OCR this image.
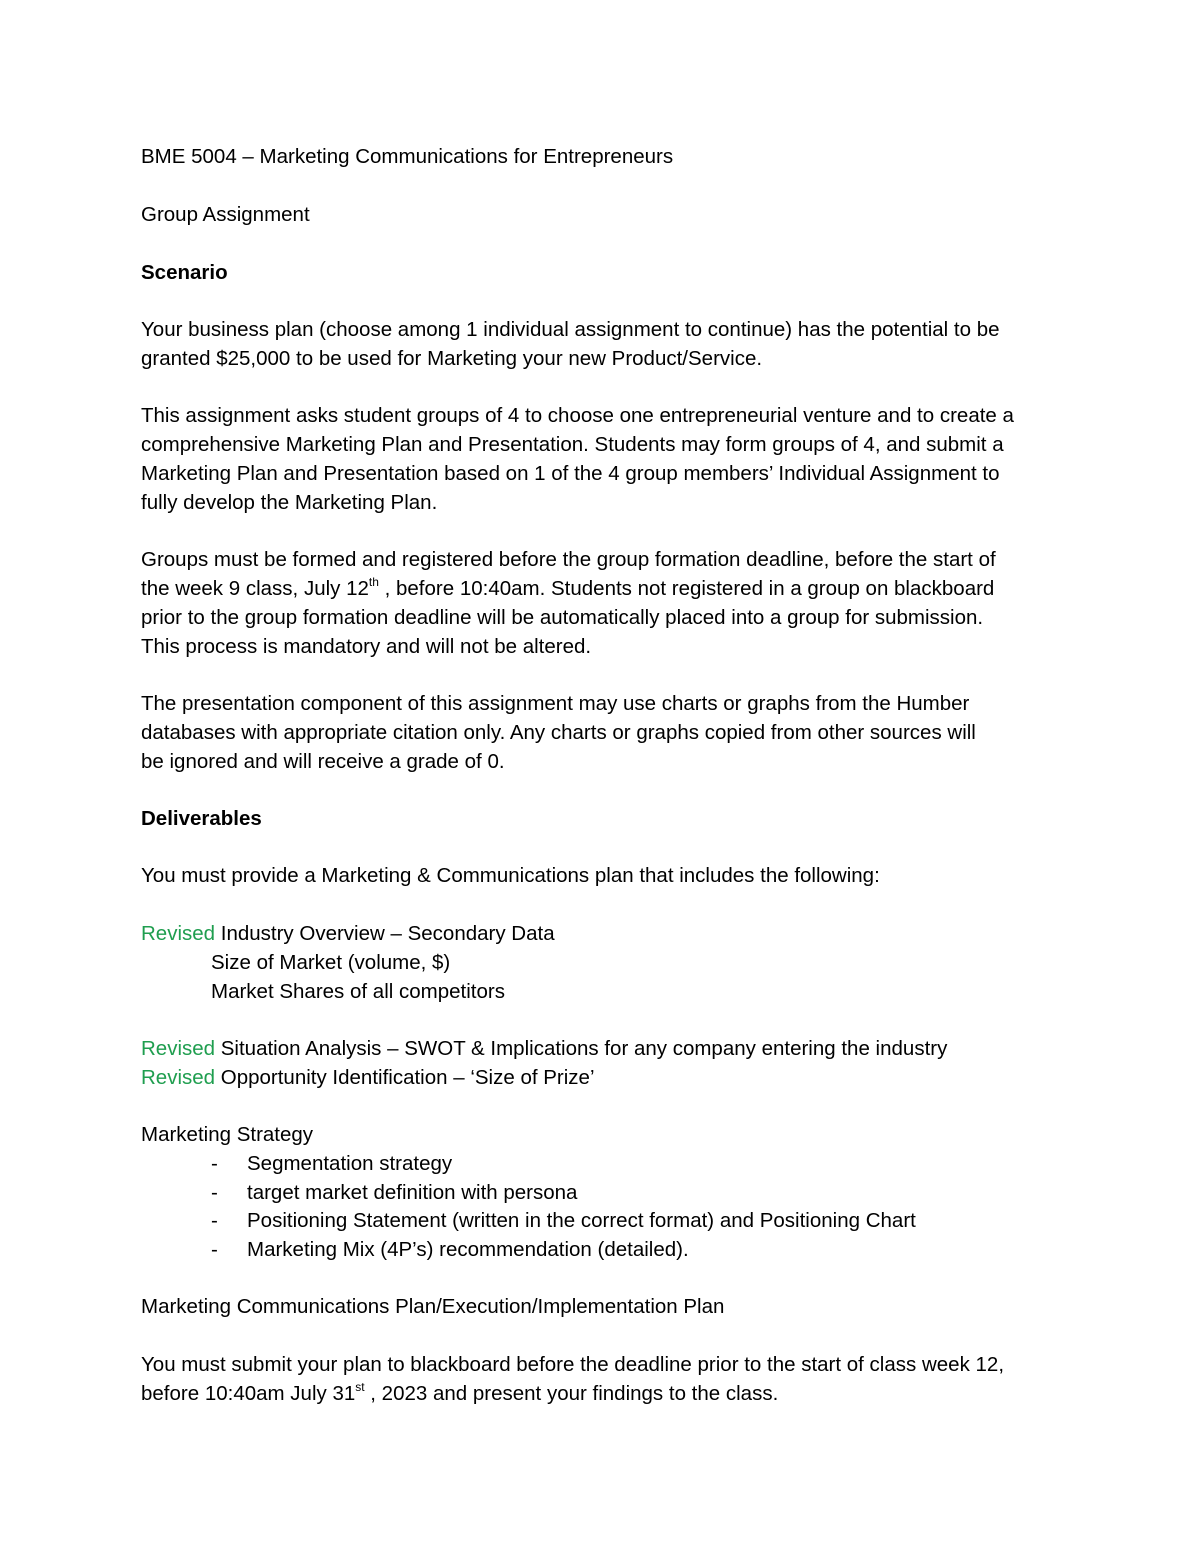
BME 5004 – Marketing Communications for Entrepreneurs

Group Assignment

Scenario

Your business plan (choose among 1 individual assignment to continue) has the potential to be

granted $25,000 to be used for Marketing your new Product/Service.

This assignment asks student groups of 4 to choose one entrepreneurial venture and to create a

comprehensive Marketing Plan and Presentation. Students may form groups of 4, and submit a

Marketing Plan and Presentation based on 1 of the 4 group members’ Individual Assignment to

fully develop the Marketing Plan.

Groups must be formed and registered before the group formation deadline, before the start of

the week 9 class, July 12th , before 10:40am. Students not registered in a group on blackboard

prior to the group formation deadline will be automatically placed into a group for submission.

This process is mandatory and will not be altered.

The presentation component of this assignment may use charts or graphs from the Humber

databases with appropriate citation only. Any charts or graphs copied from other sources will

be ignored and will receive a grade of 0.

Deliverables

You must provide a Marketing & Communications plan that includes the following:

Revised Industry Overview – Secondary Data

Size of Market (volume, $)

Market Shares of all competitors

Revised Situation Analysis – SWOT & Implications for any company entering the industry

Revised Opportunity Identification – ‘Size of Prize’

Marketing Strategy

- Segmentation strategy

- target market definition with persona

- Positioning Statement (written in the correct format) and Positioning Chart

- Marketing Mix (4P’s) recommendation (detailed).

Marketing Communications Plan/Execution/Implementation Plan

You must submit your plan to blackboard before the deadline prior to the start of class week 12,

before 10:40am July 31st , 2023 and present your findings to the class.
